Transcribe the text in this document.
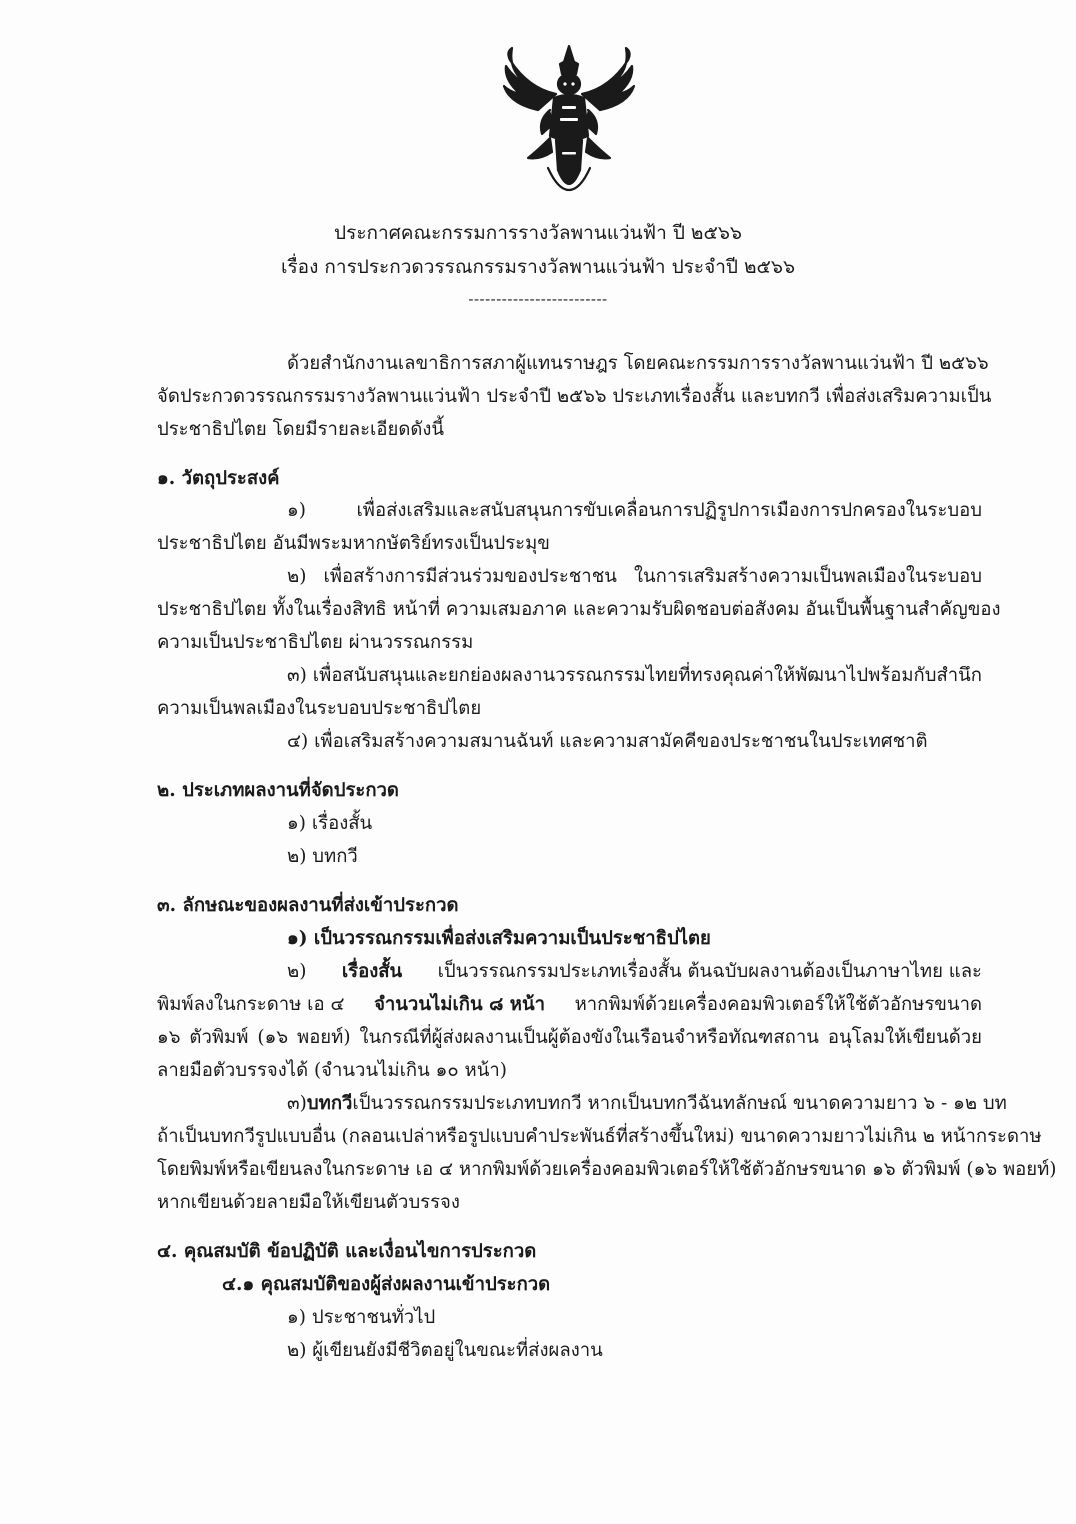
ประกาศคณะกรรมการรางวัลพานแว่นฟ้า ปี ๒๕๖๖
เรื่อง การประกวดวรรณกรรมรางวัลพานแว่นฟ้า ประจำปี ๒๕๖๖
-------------------------
ด้วยสำนักงานเลขาธิการสภาผู้แทนราษฎร โดยคณะกรรมการรางวัลพานแว่นฟ้า ปี ๒๕๖๖
จัดประกวดวรรณกรรมรางวัลพานแว่นฟ้า ประจำปี ๒๕๖๖ ประเภทเรื่องสั้น และบทกวี เพื่อส่งเสริมความเป็น
ประชาธิปไตย โดยมีรายละเอียดดังนี้
๑. วัตถุประสงค์
๑) เพื่อส่งเสริมและสนับสนุนการขับเคลื่อนการปฏิรูปการเมืองการปกครองในระบอบ
ประชาธิปไตย อันมีพระมหากษัตริย์ทรงเป็นประมุข
๒) เพื่อสร้างการมีส่วนร่วมของประชาชน ในการเสริมสร้างความเป็นพลเมืองในระบอบ
ประชาธิปไตย ทั้งในเรื่องสิทธิ หน้าที่ ความเสมอภาค และความรับผิดชอบต่อสังคม อันเป็นพื้นฐานสำคัญของ
ความเป็นประชาธิปไตย ผ่านวรรณกรรม
๓) เพื่อสนับสนุนและยกย่องผลงานวรรณกรรมไทยที่ทรงคุณค่าให้พัฒนาไปพร้อมกับสำนึก
ความเป็นพลเมืองในระบอบประชาธิปไตย
๔) เพื่อเสริมสร้างความสมานฉันท์ และความสามัคคีของประชาชนในประเทศชาติ
๒. ประเภทผลงานที่จัดประกวด
๑) เรื่องสั้น
๒) บทกวี
๓. ลักษณะของผลงานที่ส่งเข้าประกวด
๑) เป็นวรรณกรรมเพื่อส่งเสริมความเป็นประชาธิปไตย
๒) เรื่องสั้น เป็นวรรณกรรมประเภทเรื่องสั้น ต้นฉบับผลงานต้องเป็นภาษาไทย และ
พิมพ์ลงในกระดาษ เอ ๔ จำนวนไม่เกิน ๘ หน้า หากพิมพ์ด้วยเครื่องคอมพิวเตอร์ให้ใช้ตัวอักษรขนาด
๑๖ ตัวพิมพ์ (๑๖ พอยท์) ในกรณีที่ผู้ส่งผลงานเป็นผู้ต้องขังในเรือนจำหรือทัณฑสถาน อนุโลมให้เขียนด้วย
ลายมือตัวบรรจงได้ (จำนวนไม่เกิน ๑๐ หน้า)
๓) บทกวี เป็นวรรณกรรมประเภทบทกวี หากเป็นบทกวีฉันทลักษณ์ ขนาดความยาว ๖ - ๑๒ บท
ถ้าเป็นบทกวีรูปแบบอื่น (กลอนเปล่าหรือรูปแบบคำประพันธ์ที่สร้างขึ้นใหม่) ขนาดความยาวไม่เกิน ๒ หน้ากระดาษ
โดยพิมพ์หรือเขียนลงในกระดาษ เอ ๔ หากพิมพ์ด้วยเครื่องคอมพิวเตอร์ให้ใช้ตัวอักษรขนาด ๑๖ ตัวพิมพ์ (๑๖ พอยท์)
หากเขียนด้วยลายมือให้เขียนตัวบรรจง
๔. คุณสมบัติ ข้อปฏิบัติ และเงื่อนไขการประกวด
๔.๑ คุณสมบัติของผู้ส่งผลงานเข้าประกวด
๑) ประชาชนทั่วไป
๒) ผู้เขียนยังมีชีวิตอยู่ในขณะที่ส่งผลงาน
